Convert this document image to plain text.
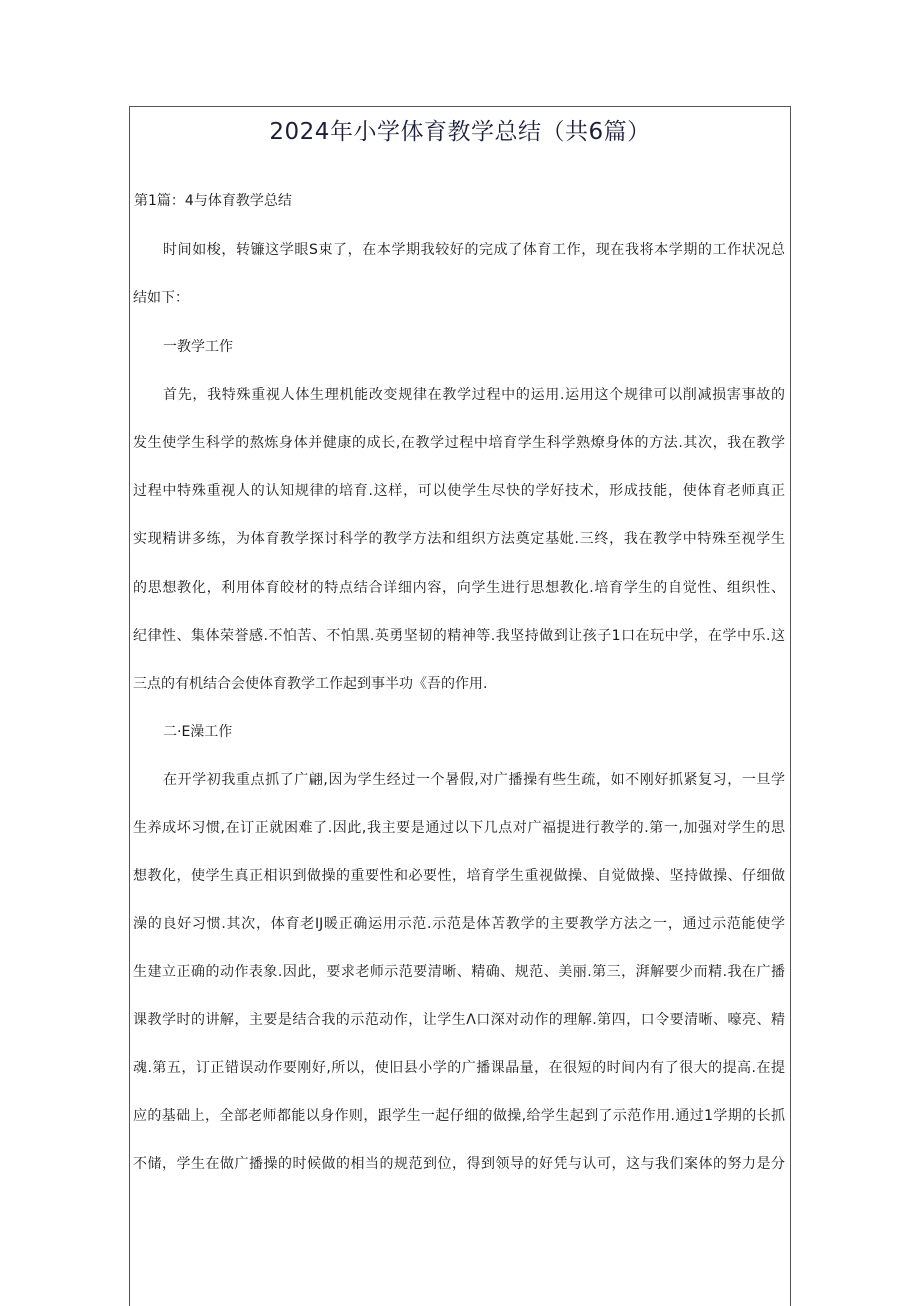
2024年小学体育教学总结（共6篇）
第1篇：4与体育教学总结
时间如梭，转镰这学眼S束了，在本学期我较好的完成了体育工作，现在我将本学期的工作状况总
结如下：
一教学工作
首先，我特殊重视人体生理机能改变规律在教学过程中的运用.运用这个规律可以削减损害事故的
发生使学生科学的熬炼身体并健康的成长,在教学过程中培育学生科学熟燎身体的方法.其次，我在教学
过程中特殊重视人的认知规律的培育.这样，可以使学生尽快的学好技术，形成技能，使体育老师真正
实现精讲多练，为体育教学探讨科学的教学方法和组织方法奠定基妣.三终，我在教学中特殊至视学生
的思想教化，利用体育皎材的特点结合详细内容，向学生进行思想教化.培育学生的自觉性、组织性、
纪律性、集体荣誉感.不怕苦、不怕黑.英勇坚韧的精神等.我坚持做到让孩子1口在玩中学，在学中乐.这
三点的有机结合会使体育教学工作起到事半功《吾的作用.
二·E澡工作
在开学初我重点抓了广翩,因为学生经过一个暑假,对广播操有些生疏，如不刚好抓紧复习，一旦学
生养成坏习惯,在订正就困难了.因此,我主要是通过以下几点对广福提进行教学的.第一,加强对学生的思
想教化，使学生真正相识到做操的重要性和必要性，培育学生重视做操、自觉做操、坚持做操、仔细做
澡的良好习惯.其次，体育老IJ暖正确运用示范.示范是体苫教学的主要教学方法之一，通过示范能使学
生建立正确的动作表象.因此，要求老师示范要清晰、精确、规范、美丽.第三，湃解要少而精.我在广播
课教学时的讲解，主要是结合我的示范动作，让学生Λ口深对动作的理解.第四，口令要清晰、嚎亮、精
魂.第五，订正错误动作要刚好,所以，使旧县小学的广播课晶量，在很短的时间内有了很大的提高.在提
应的基础上，全部老师都能以身作则，跟学生一起仔细的做操,给学生起到了示范作用.通过1学期的长抓
不储，学生在做广播操的时候做的相当的规范到位，得到领导的好凭与认可，这与我们案体的努力是分
